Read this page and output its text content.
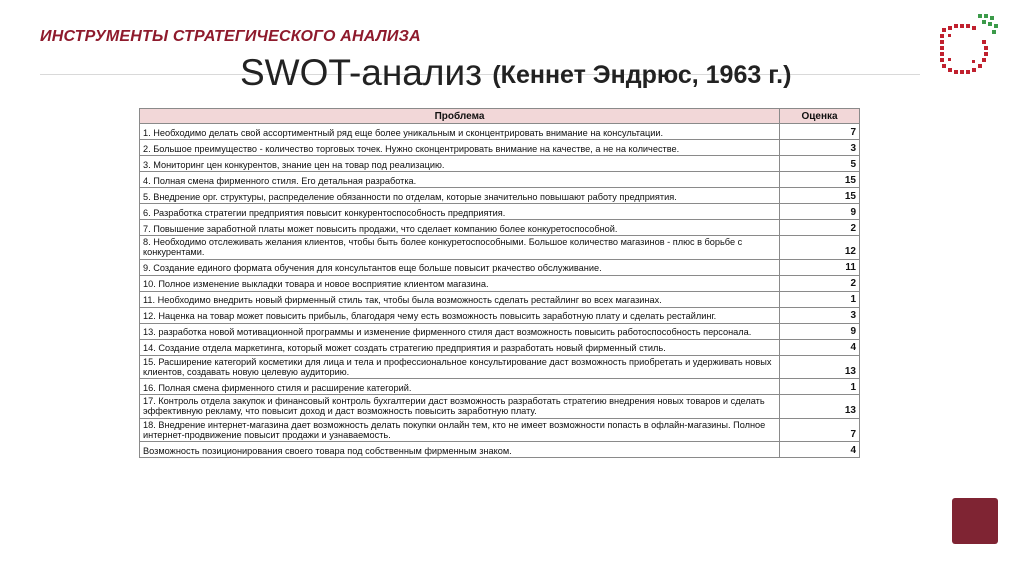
ИНСТРУМЕНТЫ СТРАТЕГИЧЕСКОГО АНАЛИЗА
SWOT-анализ (Кеннет Эндрюс, 1963 г.)
Проблема	Оценка
1. Необходимо делать свой ассортиментный ряд еще более уникальным и сконцентрировать внимание на консультации.	7
2. Большое преимущество - количество торговых точек. Нужно сконцентрировать внимание на качестве, а не на количестве.	3
3. Мониторинг цен конкурентов, знание цен на товар под реализацию.	5
4. Полная смена фирменного стиля. Его детальная разработка.	15
5. Внедрение орг. структуры, распределение обязанности по отделам, которые значительно повышают работу предприятия.	15
6. Разработка стратегии предприятия повысит конкурентоспособность предприятия.	9
7. Повышение заработной платы может повысить продажи, что сделает компанию более конкуретоспособной.	2
8. Необходимо отслеживать желания клиентов, чтобы быть более конкуретоспособными. Большое количество магазинов - плюс в борьбе с конкурентами.	12
9. Создание единого формата обучения для консультантов еще больше повысит ркачество обслуживание.	11
10. Полное изменение выкладки товара и новое восприятие клиентом магазина.	2
11. Необходимо внедрить новый фирменный стиль так, чтобы была возможность сделать рестайлинг во всех магазинах.	1
12. Наценка на товар может повысить прибыль, благодаря чему есть возможность повысить заработную плату и сделать рестайлинг.	3
13. разработка новой мотивационной программы и изменение фирменного стиля даст возможность повысить работоспособность персонала.	9
14. Создание отдела маркетинга, который может создать стратегию предприятия и разработать новый фирменный стиль.	4
15. Расширение категорий косметики для лица и тела и профессиональное консультирование даст возможность приобретать и удерживать новых клиентов, создавать новую целевую аудиторию.	13
16. Полная смена фирменного стиля и расширение категорий.	1
17. Контроль отдела закупок и финансовый контроль бухгалтерии даст возможность разработать стратегию внедрения новых товаров и сделать эффективную рекламу, что повысит доход и даст возможность повысить заработную плату.	13
18. Внедрение интернет-магазина дает возможность делать покупки онлайн тем, кто не имеет возможности попасть в офлайн-магазины. Полное интернет-продвижение повысит продажи и узнаваемость.	7
Возможность позиционирования своего товара под собственным фирменным знаком.	4
